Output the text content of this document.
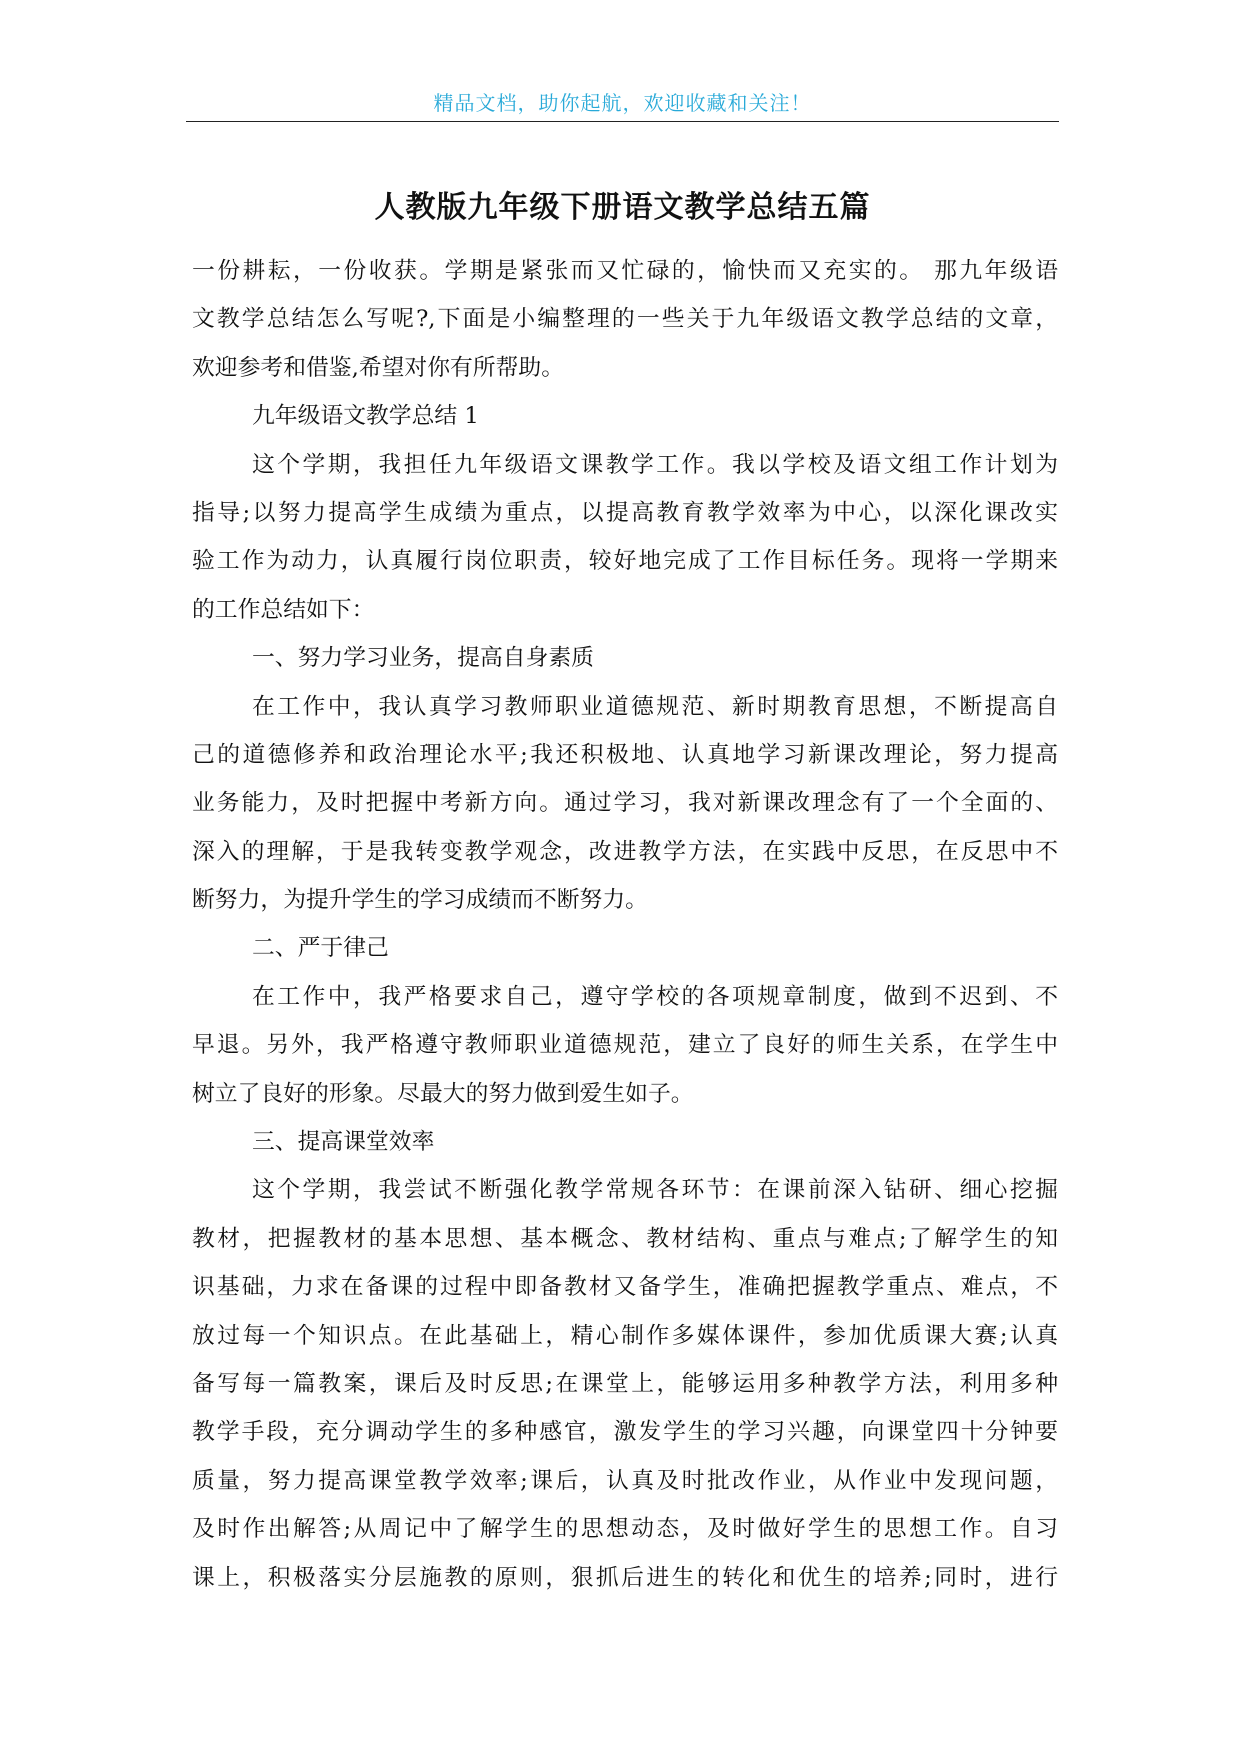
精品文档，助你起航，欢迎收藏和关注！
人教版九年级下册语文教学总结五篇
一份耕耘，一份收获。学期是紧张而又忙碌的，愉快而又充实的。 那九年级语
文教学总结怎么写呢?,下面是小编整理的一些关于九年级语文教学总结的文章，
欢迎参考和借鉴,希望对你有所帮助。
九年级语文教学总结 1
这个学期，我担任九年级语文课教学工作。我以学校及语文组工作计划为
指导;以努力提高学生成绩为重点，以提高教育教学效率为中心，以深化课改实
验工作为动力，认真履行岗位职责，较好地完成了工作目标任务。现将一学期来
的工作总结如下：
一、努力学习业务，提高自身素质
在工作中，我认真学习教师职业道德规范、新时期教育思想，不断提高自
己的道德修养和政治理论水平;我还积极地、认真地学习新课改理论，努力提高
业务能力，及时把握中考新方向。通过学习，我对新课改理念有了一个全面的、
深入的理解，于是我转变教学观念，改进教学方法，在实践中反思，在反思中不
断努力，为提升学生的学习成绩而不断努力。
二、严于律己
在工作中，我严格要求自己，遵守学校的各项规章制度，做到不迟到、不
早退。另外，我严格遵守教师职业道德规范，建立了良好的师生关系，在学生中
树立了良好的形象。尽最大的努力做到爱生如子。
三、提高课堂效率
这个学期，我尝试不断强化教学常规各环节：在课前深入钻研、细心挖掘
教材，把握教材的基本思想、基本概念、教材结构、重点与难点;了解学生的知
识基础，力求在备课的过程中即备教材又备学生，准确把握教学重点、难点，不
放过每一个知识点。在此基础上，精心制作多媒体课件，参加优质课大赛;认真
备写每一篇教案，课后及时反思;在课堂上，能够运用多种教学方法，利用多种
教学手段，充分调动学生的多种感官，激发学生的学习兴趣，向课堂四十分钟要
质量，努力提高课堂教学效率;课后，认真及时批改作业，从作业中发现问题，
及时作出解答;从周记中了解学生的思想动态，及时做好学生的思想工作。自习
课上，积极落实分层施教的原则，狠抓后进生的转化和优生的培养;同时，进行
